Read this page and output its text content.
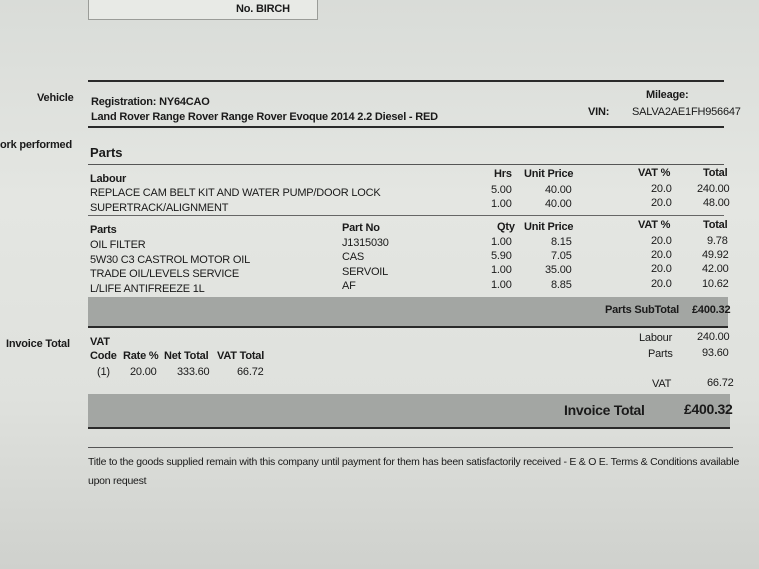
No. BIRCH
Vehicle
ork performed
Invoice Total
Registration: NY64CAO
Land Rover Range Rover Range Rover Evoque 2014 2.2 Diesel - RED
Mileage:
VIN: SALVA2AE1FH956647
Parts
Labour	Hrs Unit Price	VAT %	Total
REPLACE CAM BELT KIT AND WATER PUMP/DOOR LOCK	5.00	40.00	20.0 240.00
SUPERTRACK/ALIGNMENT	1.00	40.00	20.0	48.00
Parts	Part No	Qty Unit Price	VAT %	Total
OIL FILTER	J1315030	1.00	8.15	20.0	9.78
5W30 C3 CASTROL MOTOR OIL	CAS	5.90	7.05	20.0	49.92
TRADE OIL/LEVELS SERVICE	SERVOIL	1.00	35.00	20.0	42.00
L/LIFE ANTIFREEZE 1L	AF	1.00	8.85	20.0	10.62
Parts SubTotal £400.32
VAT
Code Rate % Net Total VAT Total
(1) 20.00 333.60	66.72
Labour 240.00
Parts	93.60
VAT	66.72
Invoice Total	£400.32
Title to the goods supplied remain with this company until payment for them has been satisfactorily received - E & O E. Terms & Conditions available
upon request
